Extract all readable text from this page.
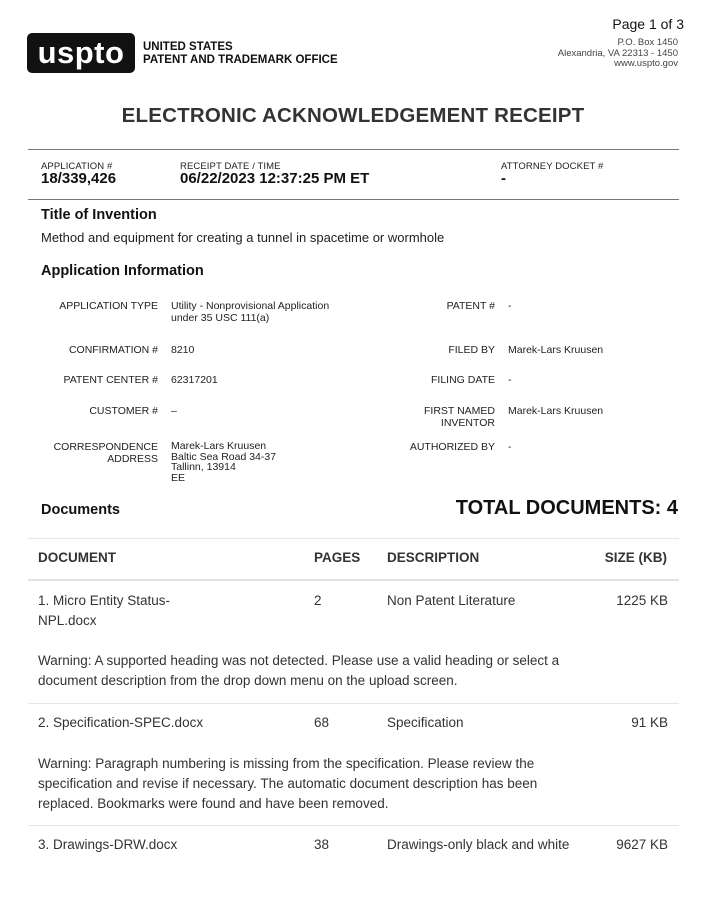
Page 1 of 3
uspto	UNITED STATES
PATENT AND TRADEMARK OFFICE
P.O. Box 1450
Alexandria, VA 22313 - 1450
www.uspto.gov
ELECTRONIC ACKNOWLEDGEMENT RECEIPT
APPLICATION #
18/339,426
RECEIPT DATE / TIME
06/22/2023 12:37:25 PM ET
ATTORNEY DOCKET #
-
Title of Invention
Method and equipment for creating a tunnel in spacetime or wormhole
Application Information
APPLICATION TYPE Utility - Nonprovisional Application
under 35 USC 111(a)
PATENT # -
CONFIRMATION # 8210	FILED BY Marek-Lars Kruusen
PATENT CENTER # 62317201	FILING DATE -
CUSTOMER # –	FIRST NAMED
INVENTOR
Marek-Lars Kruusen
CORRESPONDENCE
ADDRESS
Marek-Lars Kruusen
Baltic Sea Road 34-37
Tallinn, 13914
EE
AUTHORIZED BY -
Documents	TOTAL DOCUMENTS: 4
DOCUMENT	PAGES DESCRIPTION	SIZE (KB)
1. Micro Entity Status-
NPL.docx
2	Non Patent Literature	1225 KB
Warning: A supported heading was not detected. Please use a valid heading or select a
document description from the drop down menu on the upload screen.
2. Specification-SPEC.docx	68	Specification	91 KB
Warning: Paragraph numbering is missing from the specification. Please review the
specification and revise if necessary. The automatic document description has been
replaced. Bookmarks were found and have been removed.
3. Drawings-DRW.docx	38	Drawings-only black and white	9627 KB
